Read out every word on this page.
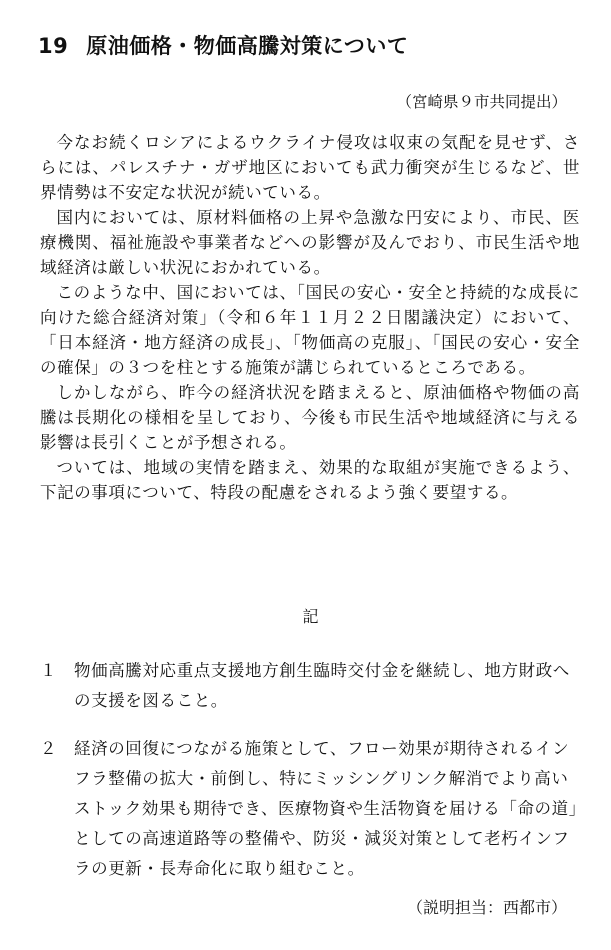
19 原油価格・物価高騰対策について
（宮崎県９市共同提出）

今なお続くロシアによるウクライナ侵攻は収束の気配を見せず、さらには、パレスチナ・ガザ地区においても武力衝突が生じるなど、世界情勢は不安定な状況が続いている。

国内においては、原材料価格の上昇や急激な円安により、市民、医療機関、福祉施設や事業者などへの影響が及んでおり、市民生活や地域経済は厳しい状況におかれている。

このような中、国においては、「国民の安心・安全と持続的な成長に向けた総合経済対策」（令和６年１１月２２日閣議決定）において、「日本経済・地方経済の成長」、「物価高の克服」、「国民の安心・安全の確保」の３つを柱とする施策が講じられているところである。

しかしながら、昨今の経済状況を踏まえると、原油価格や物価の高騰は長期化の様相を呈しており、今後も市民生活や地域経済に与える影響は長引くことが予想される。

ついては、地域の実情を踏まえ、効果的な取組が実施できるよう、下記の事項について、特段の配慮をされるよう強く要望する。

記
１	物価高騰対応重点支援地方創生臨時交付金を継続し、地方財政への支援を図ること。
２	経済の回復につながる施策として、フロー効果が期待されるインフラ整備の拡大・前倒し、特にミッシングリンク解消でより高いストック効果も期待でき、医療物資や生活物資を届ける「命の道」としての高速道路等の整備や、防災・減災対策として老朽インフラの更新・長寿命化に取り組むこと。
（説明担当：西都市）
